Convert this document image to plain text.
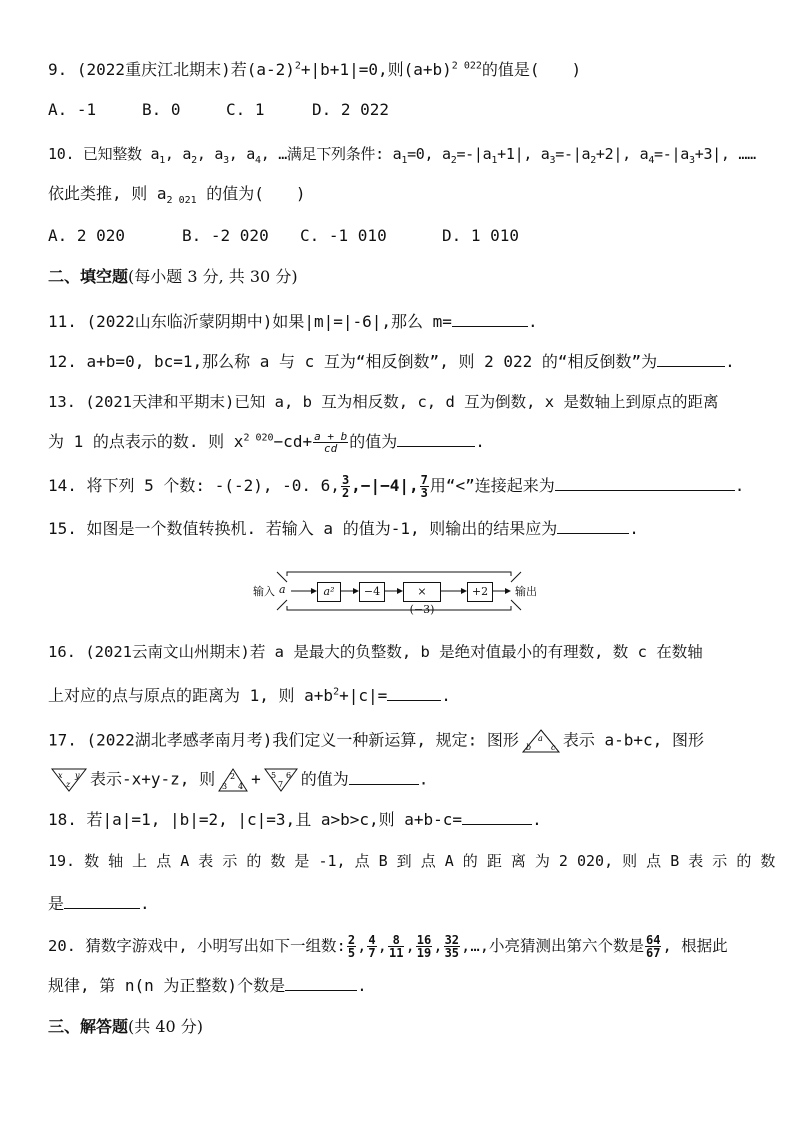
9. (2022重庆江北期末)若$(a-2)^2+|b+1|=0$,则$(a+b)^{2 022}$的值是(　　)
A. -1	B. 0	C. 1	D. 2 022
10. 已知整数 $a_1$, $a_2$, $a_3$, $a_4$, …满足下列条件: $a_1=0$, $a_2=-|a_1+1|$, $a_3=-|a_2+2|$, $a_4=-|a_3+3|$, ……
依此类推, 则 $a_{2 021}$ 的值为(　　)
A. 2 020	B. -2 020 C. -1 010	D. 1 010
二、填空题(每小题 3 分, 共 30 分)
11. (2022山东临沂蒙阴期中)如果|m|=|-6|,那么 m=	.
12. a+b=0, bc=1,那么称 a 与 c 互为“相反倒数”, 则 2 022 的“相反倒数”为	.
13. (2021天津和平期末)已知 a, b 互为相反数, c, d 互为倒数, x 是数轴上到原点的距离
为 1 的点表示的数. 则 $x^{2 020}-cd+ \frac{a + b}{cd}$ 的值为	.
14. 将下列 5 个数: -(-2), -0. 6, $\frac{3}{2} ,-|-4|$, $\frac{7}{3}$ 用“<”连接起来为	.
15. 如图是一个数值转换机. 若输入 a 的值为-1, 则输出的结果应为	.
输入 a	a²	−4	× (−3)
+2	输出
16. (2021云南文山州期末)若 a 是最大的负整数, b 是绝对值最小的有理数, 数 c 在数轴
上对应的点与原点的距离为 1, 则 $a+b^2+|c|=$	.
17. (2022湖北孝感孝南月考)我们定义一种新运算, 规定: 图形 a
b c 表示 a-b+c, 图形
x y
z 表示-x+y-z, 则 2
3 4 + 5 6
7 的值为	.
18. 若|a|=1, |b|=2, |c|=3,且 a>b>c,则 a+b-c=	.
19. 数 轴 上 点 A 表 示 的 数 是 -1, 点 B 到 点 A 的 距 离 为 2 020, 则 点 B 表 示 的 数
是	.
20. 猜数字游戏中, 小明写出如下一组数: $\frac{2}{5}$ , $\frac{4}{7}$ , $\frac{8}{11}$ , $\frac{16}{19}$ , $\frac{32}{35}$ ,…,小亮猜测出第六个数是 $\frac{64}{67}$ , 根据此
规律, 第 n(n 为正整数)个数是	.
三、解答题(共 40 分)
